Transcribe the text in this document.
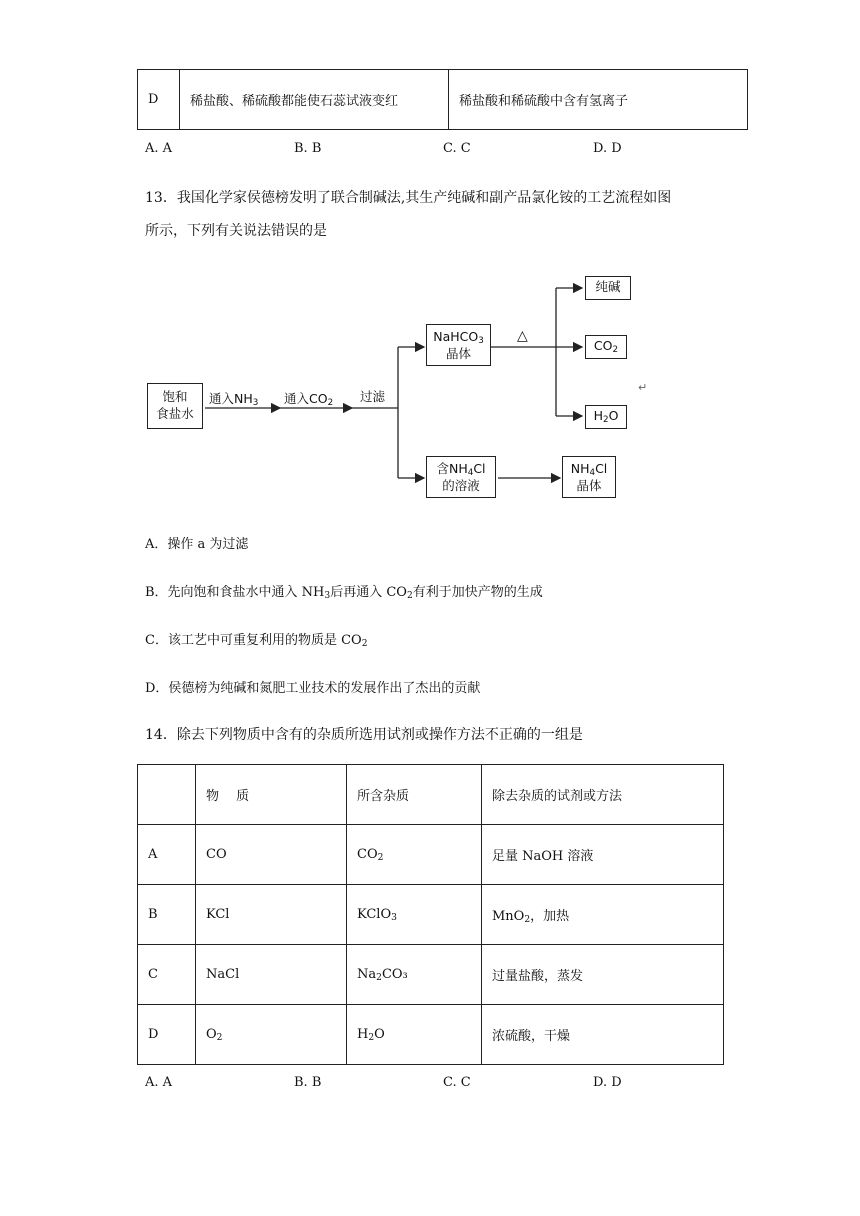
D	稀盐酸、稀硫酸都能使石蕊试液变红	稀盐酸和稀硫酸中含有氢离子
A. A	B. B	C. C	D. D
13．我国化学家侯德榜发明了联合制碱法,其生产纯碱和副产品氯化铵的工艺流程如图
所示，下列有关说法错误的是
饱和
食盐水
通入$NH_3$ 通入$CO_2$ 过滤
NaHCO$_3$
晶体
△
纯碱
$CO_2$
$H_2O$
↵
含$NH_4Cl$
的溶液
$NH_4Cl$
晶体
A．操作 a 为过滤
B．先向饱和食盐水中通入 $NH_3$后再通入 $CO_2$有利于加快产物的生成
C．该工艺中可重复利用的物质是 $CO_2$
D．侯德榜为纯碱和氮肥工业技术的发展作出了杰出的贡献
14．除去下列物质中含有的杂质所选用试剂或操作方法不正确的一组是
	物　 质	所含杂质	除去杂质的试剂或方法
A	CO	$CO_2$	足量 NaOH 溶液
B	KCl	KClO$_3$	MnO$_2$，加热
C	NaCl	$Na_2CO_3$	过量盐酸，蒸发
D	$O_2$	$H_2O$	浓硫酸，干燥
A. A	B. B	C. C	D. D
